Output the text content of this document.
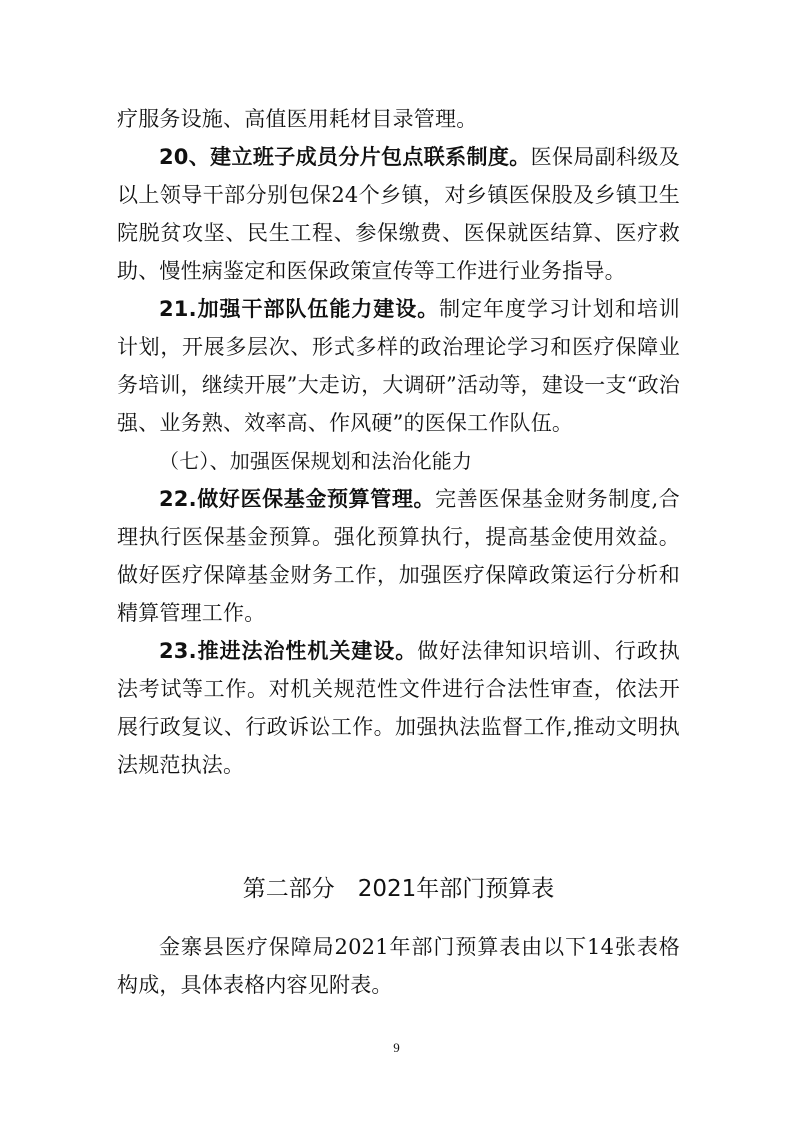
疗服务设施、高值医用耗材目录管理。

20、建立班子成员分片包点联系制度。医保局副科级及以上领导干部分别包保24个乡镇，对乡镇医保股及乡镇卫生院脱贫攻坚、民生工程、参保缴费、医保就医结算、医疗救助、慢性病鉴定和医保政策宣传等工作进行业务指导。

21.加强干部队伍能力建设。制定年度学习计划和培训计划，开展多层次、形式多样的政治理论学习和医疗保障业务培训，继续开展”大走访，大调研”活动等，建设一支“政治强、业务熟、效率高、作风硬”的医保工作队伍。

（七）、加强医保规划和法治化能力

22.做好医保基金预算管理。完善医保基金财务制度,合理执行医保基金预算。强化预算执行，提高基金使用效益。做好医疗保障基金财务工作，加强医疗保障政策运行分析和精算管理工作。

23.推进法治性机关建设。做好法律知识培训、行政执法考试等工作。对机关规范性文件进行合法性审查，依法开展行政复议、行政诉讼工作。加强执法监督工作,推动文明执法规范执法。

第二部分　2021年部门预算表

金寨县医疗保障局2021年部门预算表由以下14张表格构成，具体表格内容见附表。

9
